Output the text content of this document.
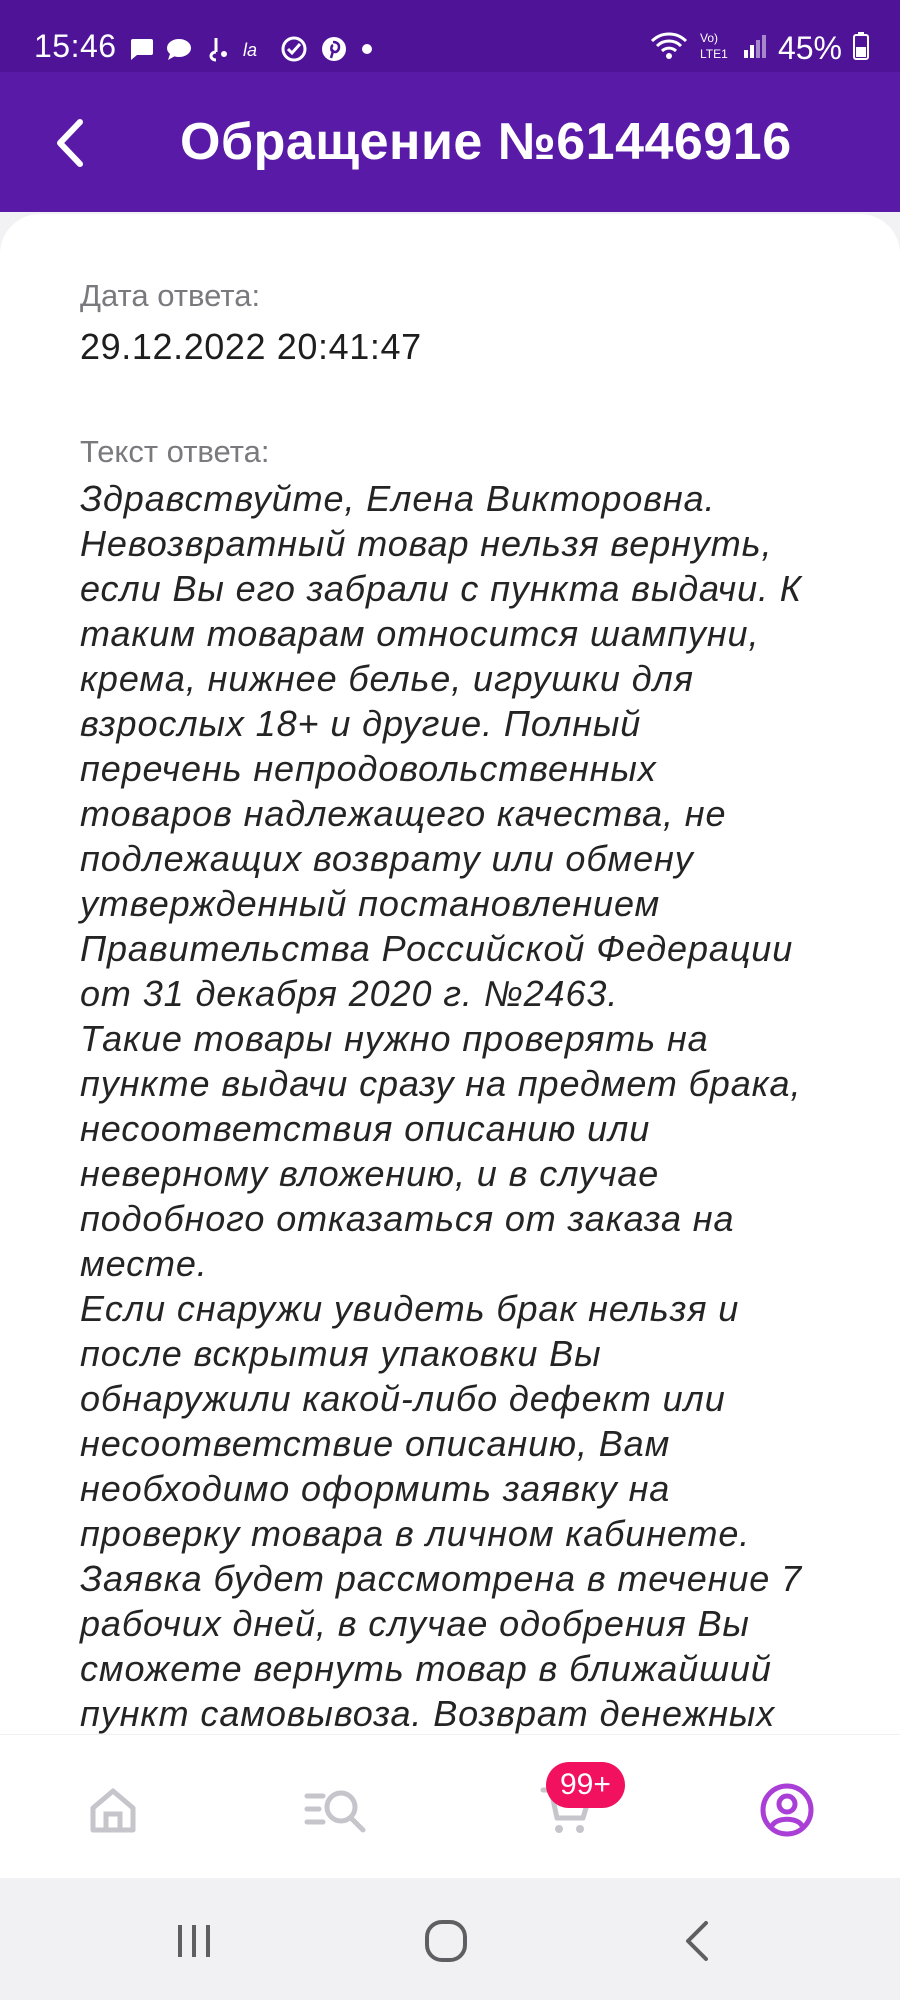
15:46	la
Vo)
LTE1 45%
Обращение №61446916
Дата ответа:
29.12.2022 20:41:47
Текст ответа:
Здравствуйте, Елена Викторовна.
Невозвратный товар нельзя вернуть,
если Вы его забрали с пункта выдачи. К
таким товарам относится шампуни,
крема, нижнее белье, игрушки для
взрослых 18+ и другие. Полный
перечень непродовольственных
товаров надлежащего качества, не
подлежащих возврату или обмену
утвержденный постановлением
Правительства Российской Федерации
от 31 декабря 2020 г. №2463.
Такие товары нужно проверять на
пункте выдачи сразу на предмет брака,
несоответствия описанию или
неверному вложению, и в случае
подобного отказаться от заказа на
месте.
Если снаружи увидеть брак нельзя и
после вскрытия упаковки Вы
обнаружили какой-либо дефект или
несоответствие описанию, Вам
необходимо оформить заявку на
проверку товара в личном кабинете.
Заявка будет рассмотрена в течение 7
рабочих дней, в случае одобрения Вы
сможете вернуть товар в ближайший
пункт самовывоза. Возврат денежных
99+
